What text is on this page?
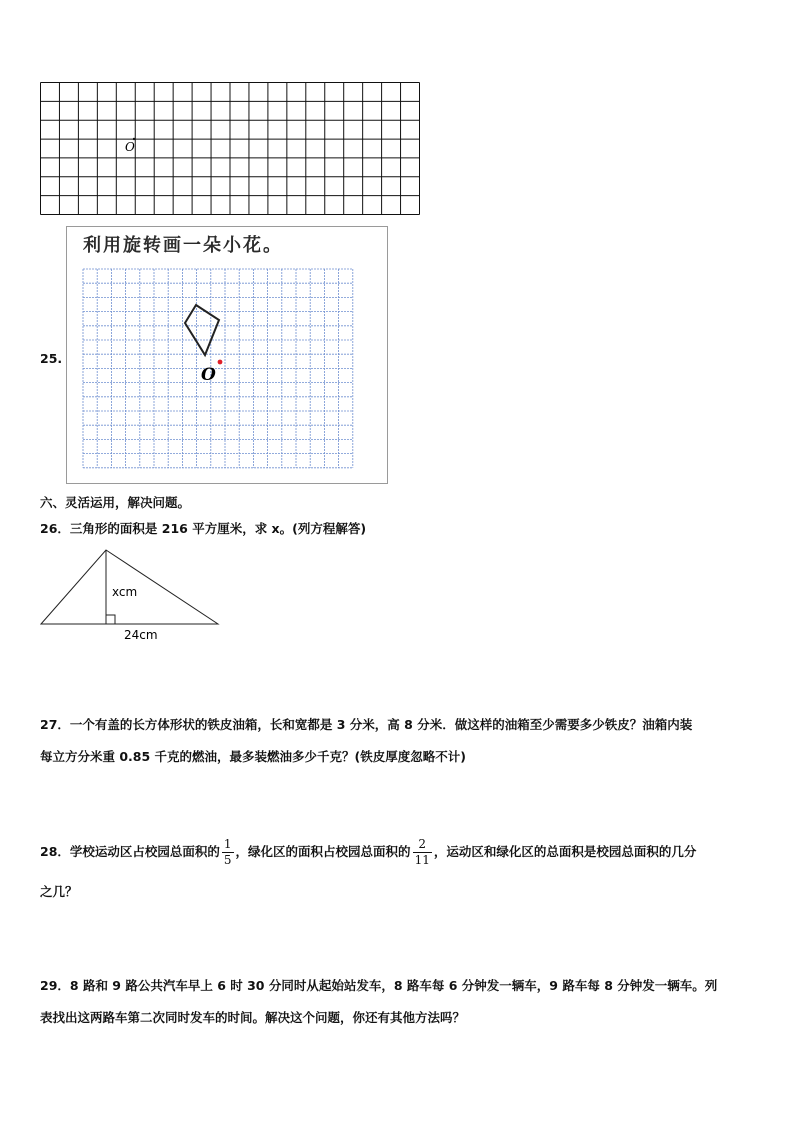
O
25.
利用旋转画一朵小花。
O
六、灵活运用，解决问题。
26．三角形的面积是 216 平方厘米，求 x。(列方程解答)
xcm
24cm
27．一个有盖的长方体形状的铁皮油箱，长和宽都是 3 分米，高 8 分米．做这样的油箱至少需要多少铁皮？油箱内装
每立方分米重 0.85 千克的燃油，最多装燃油多少千克？(铁皮厚度忽略不计)
28．学校运动区占校园总面积的 $\frac{1}{5}$ ，绿化区的面积占校园总面积的 $\frac{2}{11}$ ，运动区和绿化区的总面积是校园总面积的几分
之几？
29．8 路和 9 路公共汽车早上 6 时 30 分同时从起始站发车，8 路车每 6 分钟发一辆车，9 路车每 8 分钟发一辆车。列
表找出这两路车第二次同时发车的时间。解决这个问题，你还有其他方法吗？
